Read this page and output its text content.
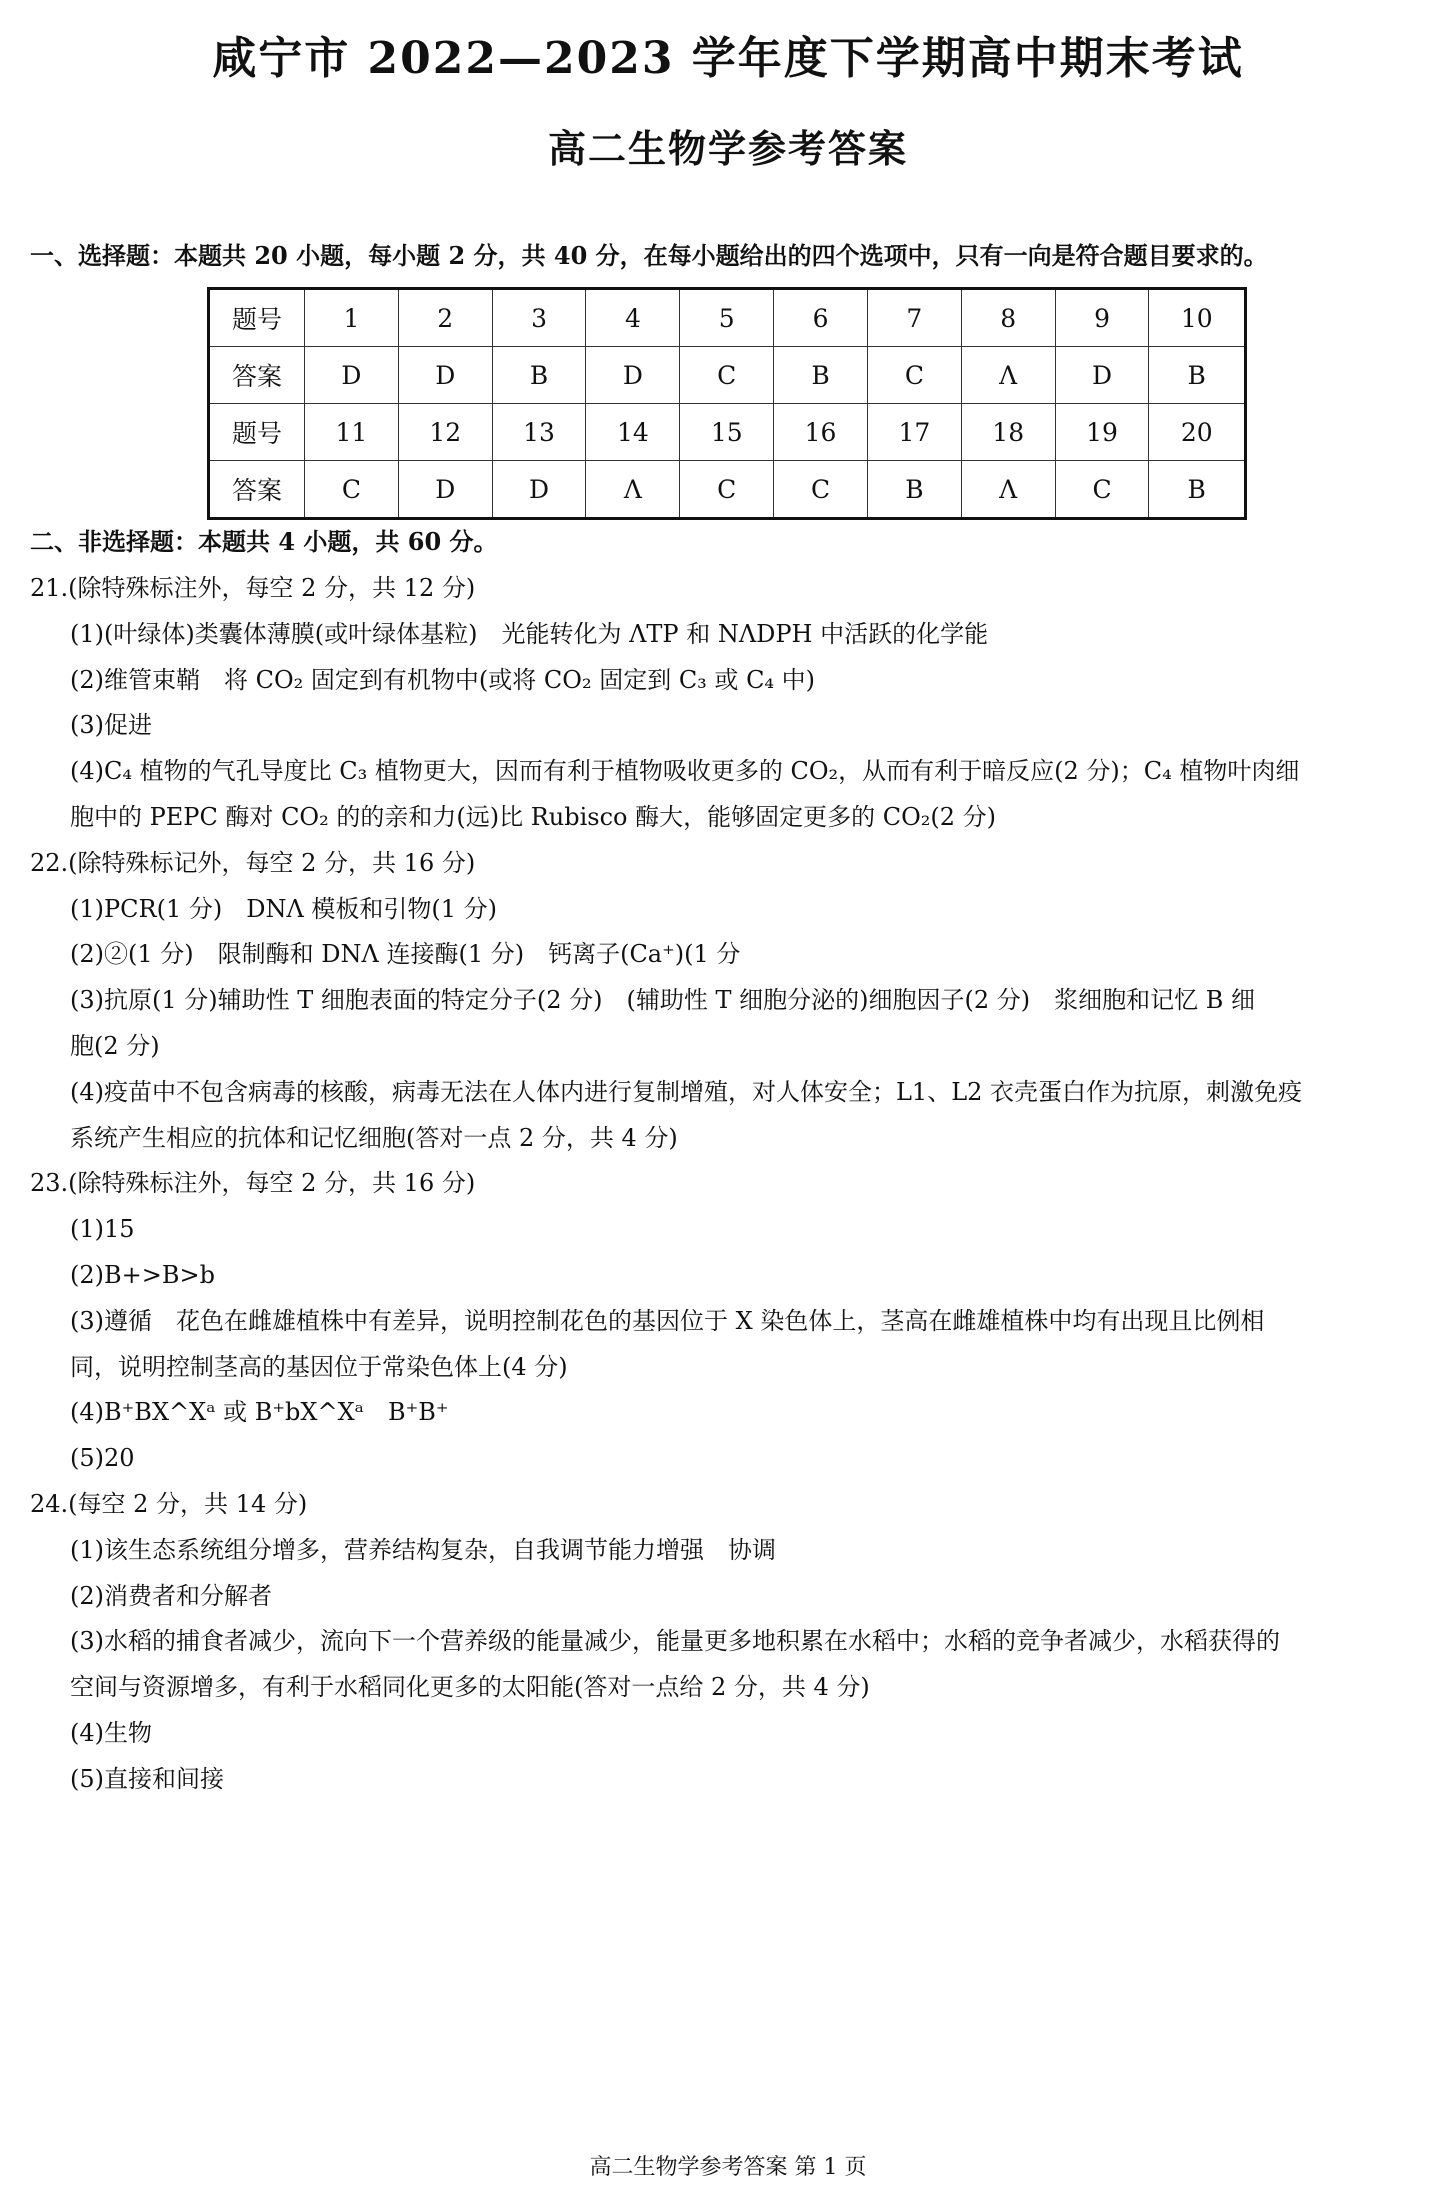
咸宁市 2022—2023 学年度下学期高中期末考试
高二生物学参考答案

一、选择题：本题共 20 小题，每小题 2 分，共 40 分，在每小题给出的四个选项中，只有一向是符合题目要求的。

题号	1	2	3	4	5	6	7	8	9	10
答案	D	D	B	D	C	B	C	Λ	D	B
题号	11	12	13	14	15	16	17	18	19	20
答案	C	D	D	Λ	C	C	B	Λ	C	B

二、非选择题：本题共 4 小题，共 60 分。

21.(除特殊标注外，每空 2 分，共 12 分)
(1)(叶绿体)类囊体薄膜(或叶绿体基粒)　光能转化为 ΛTP 和 NΛDPH 中活跃的化学能
(2)维管束鞘　将 CO₂ 固定到有机物中(或将 CO₂ 固定到 C₃ 或 C₄ 中)
(3)促进
(4)C₄ 植物的气孔导度比 C₃ 植物更大，因而有利于植物吸收更多的 CO₂，从而有利于暗反应(2 分)；C₄ 植物叶肉细
胞中的 PEPC 酶对 CO₂ 的的亲和力(远)比 Rubisco 酶大，能够固定更多的 CO₂(2 分)
22.(除特殊标记外，每空 2 分，共 16 分)
(1)PCR(1 分)　DNΛ 模板和引物(1 分)
(2)②(1 分)　限制酶和 DNΛ 连接酶(1 分)　钙离子(Ca⁺)(1 分
(3)抗原(1 分)辅助性 T 细胞表面的特定分子(2 分)　(辅助性 T 细胞分泌的)细胞因子(2 分)　浆细胞和记忆 B 细
胞(2 分)
(4)疫苗中不包含病毒的核酸，病毒无法在人体内进行复制增殖，对人体安全；L1、L2 衣壳蛋白作为抗原，刺激免疫
系统产生相应的抗体和记忆细胞(答对一点 2 分，共 4 分)
23.(除特殊标注外，每空 2 分，共 16 分)
(1)15
(2)B+>B>b
(3)遵循　花色在雌雄植株中有差异，说明控制花色的基因位于 X 染色体上，茎高在雌雄植株中均有出现且比例相
同，说明控制茎高的基因位于常染色体上(4 分)
(4)B⁺BX^Xᵃ 或 B⁺bX^Xᵃ　B⁺B⁺
(5)20
24.(每空 2 分，共 14 分)
(1)该生态系统组分增多，营养结构复杂，自我调节能力增强　协调
(2)消费者和分解者
(3)水稻的捕食者减少，流向下一个营养级的能量减少，能量更多地积累在水稻中；水稻的竞争者减少，水稻获得的
空间与资源增多，有利于水稻同化更多的太阳能(答对一点给 2 分，共 4 分)
(4)生物
(5)直接和间接

高二生物学参考答案 第 1 页
